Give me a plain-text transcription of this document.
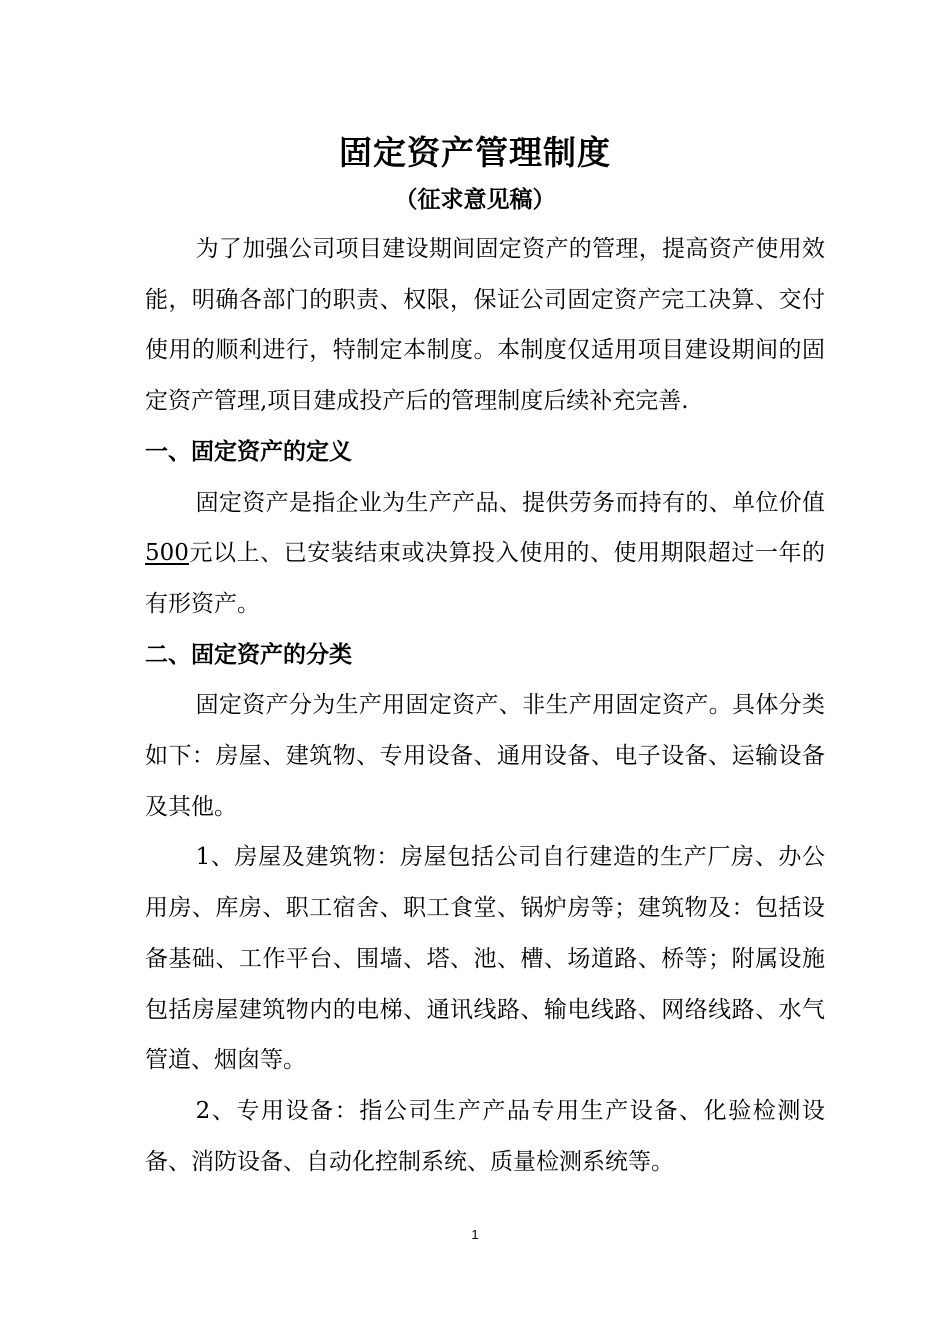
固定资产管理制度
（征求意见稿）

为了加强公司项目建设期间固定资产的管理，提高资产使用效能，明确各部门的职责、权限，保证公司固定资产完工决算、交付使用的顺利进行，特制定本制度。本制度仅适用项目建设期间的固定资产管理,项目建成投产后的管理制度后续补充完善.

一、固定资产的定义

固定资产是指企业为生产产品、提供劳务而持有的、单位价值500元以上、已安装结束或决算投入使用的、使用期限超过一年的有形资产。

二、固定资产的分类

固定资产分为生产用固定资产、非生产用固定资产。具体分类如下：房屋、建筑物、专用设备、通用设备、电子设备、运输设备及其他。

1、房屋及建筑物：房屋包括公司自行建造的生产厂房、办公用房、库房、职工宿舍、职工食堂、锅炉房等；建筑物及：包括设备基础、工作平台、围墙、塔、池、槽、场道路、桥等；附属设施包括房屋建筑物内的电梯、通讯线路、输电线路、网络线路、水气管道、烟囱等。

2、专用设备：指公司生产产品专用生产设备、化验检测设备、消防设备、自动化控制系统、质量检测系统等。

1
